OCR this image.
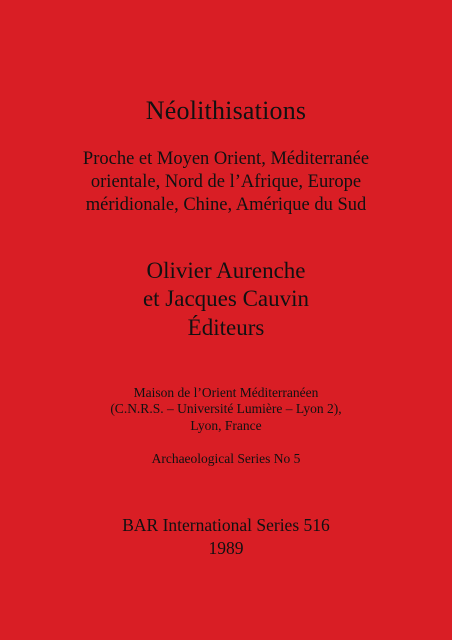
Néolithisations
Proche et Moyen Orient, Méditerranée
orientale, Nord de l’Afrique, Europe
méridionale, Chine, Amérique du Sud
Olivier Aurenche
et Jacques Cauvin
Éditeurs
Maison de l’Orient Méditerranéen
(C.N.R.S. – Université Lumière – Lyon 2),
Lyon, France
Archaeological Series No 5
BAR International Series 516
1989
